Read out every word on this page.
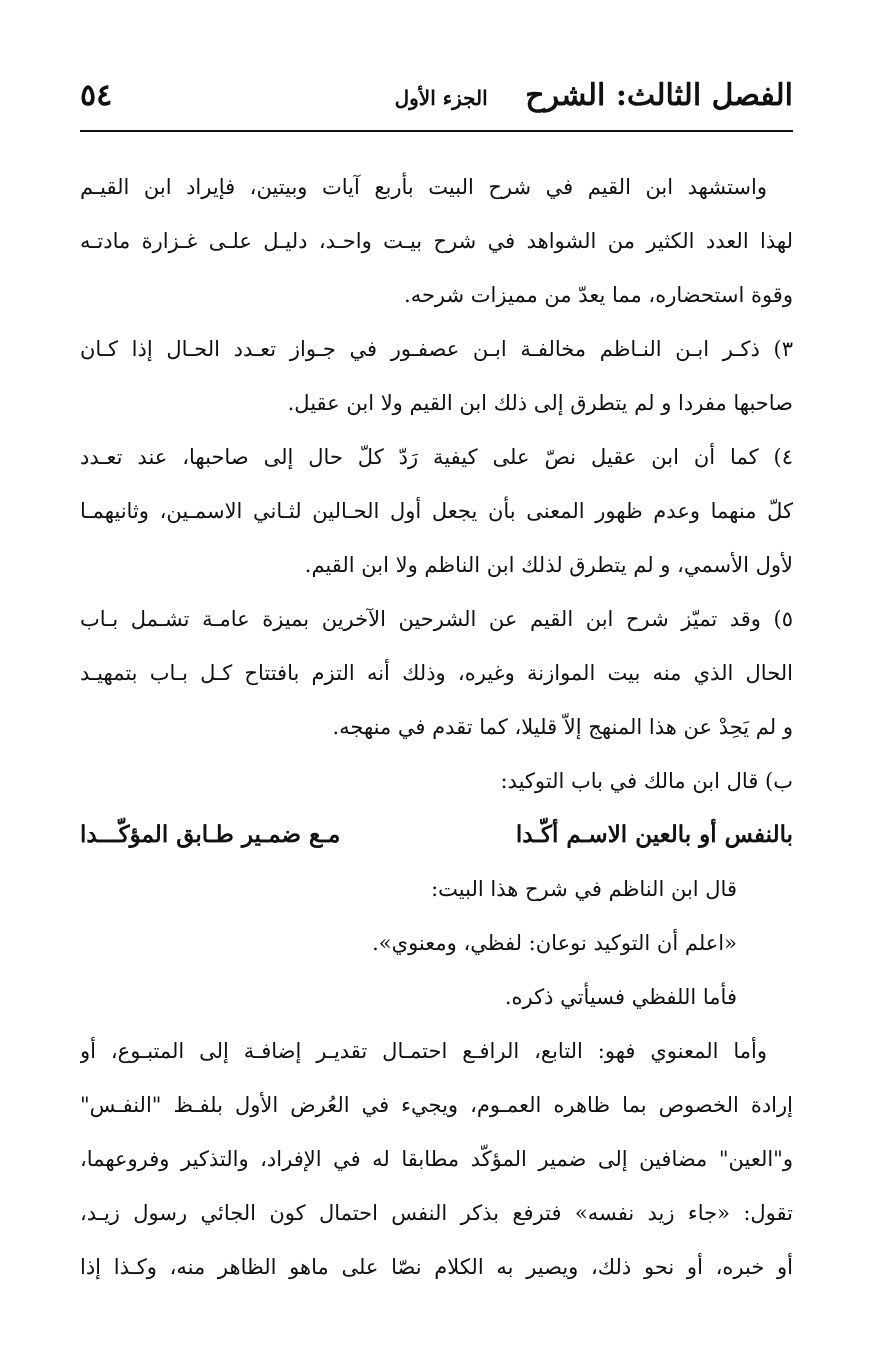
الفصل الثالث: الشرح
الجزء الأول
٥٤
واستشهد ابن القيم في شرح البيت بأربع آيات وبيتين، فإيراد ابن القيـم
لهذا العدد الكثير من الشواهد في شرح بيـت واحـد، دليـل علـى غـزارة مادتـه
وقوة استحضاره، مما يعدّ من مميزات شرحه.
٣) ذكـر ابـن النـاظم مخالفـة ابـن عصفـور في جـواز تعـدد الحـال إذا كـان
صاحبها مفردا و لم يتطرق إلى ذلك ابن القيم ولا ابن عقيل.
٤) كما أن ابن عقيل نصّ على كيفية رَدّ كلّ حال إلى صاحبها، عند تعـدد
كلّ منهما وعدم ظهور المعنى بأن يجعل أول الحـالين لثـاني الاسمـين، وثانيهمـا
لأول الأسمي، و لم يتطرق لذلك ابن الناظم ولا ابن القيم.
٥) وقد تميّز شرح ابن القيم عن الشرحين الآخرين بميزة عامـة تشـمل بـاب
الحال الذي منه بيت الموازنة وغيره، وذلك أنه التزم بافتتاح كـل بـاب بتمهيـد
و لم يَحِدْ عن هذا المنهج إلاّ قليلا، كما تقدم في منهجه.
ب) قال ابن مالك في باب التوكيد:
بالنفس أو بالعين الاسـم أكّـدا
مـع ضمـير طـابق المؤكّـــدا
قال ابن الناظم في شرح هذا البيت:
«اعلم أن التوكيد نوعان: لفظي، ومعنوي».
فأما اللفظي فسيأتي ذكره.
وأما المعنوي فهو: التابع، الرافـع احتمـال تقديـر إضافـة إلى المتبـوع، أو
إرادة الخصوص بما ظاهره العمـوم، ويجيء في العُرض الأول بلفـظ "النفـس"
و"العين" مضافين إلى ضمير المؤكّد مطابقا له في الإفراد، والتذكير وفروعهما،
تقول: «جاء زيد نفسه» فترفع بذكر النفس احتمال كون الجائي رسول زيـد،
أو خبره، أو نحو ذلك، ويصير به الكلام نصّا على ماهو الظاهر منه، وكـذا إذا
